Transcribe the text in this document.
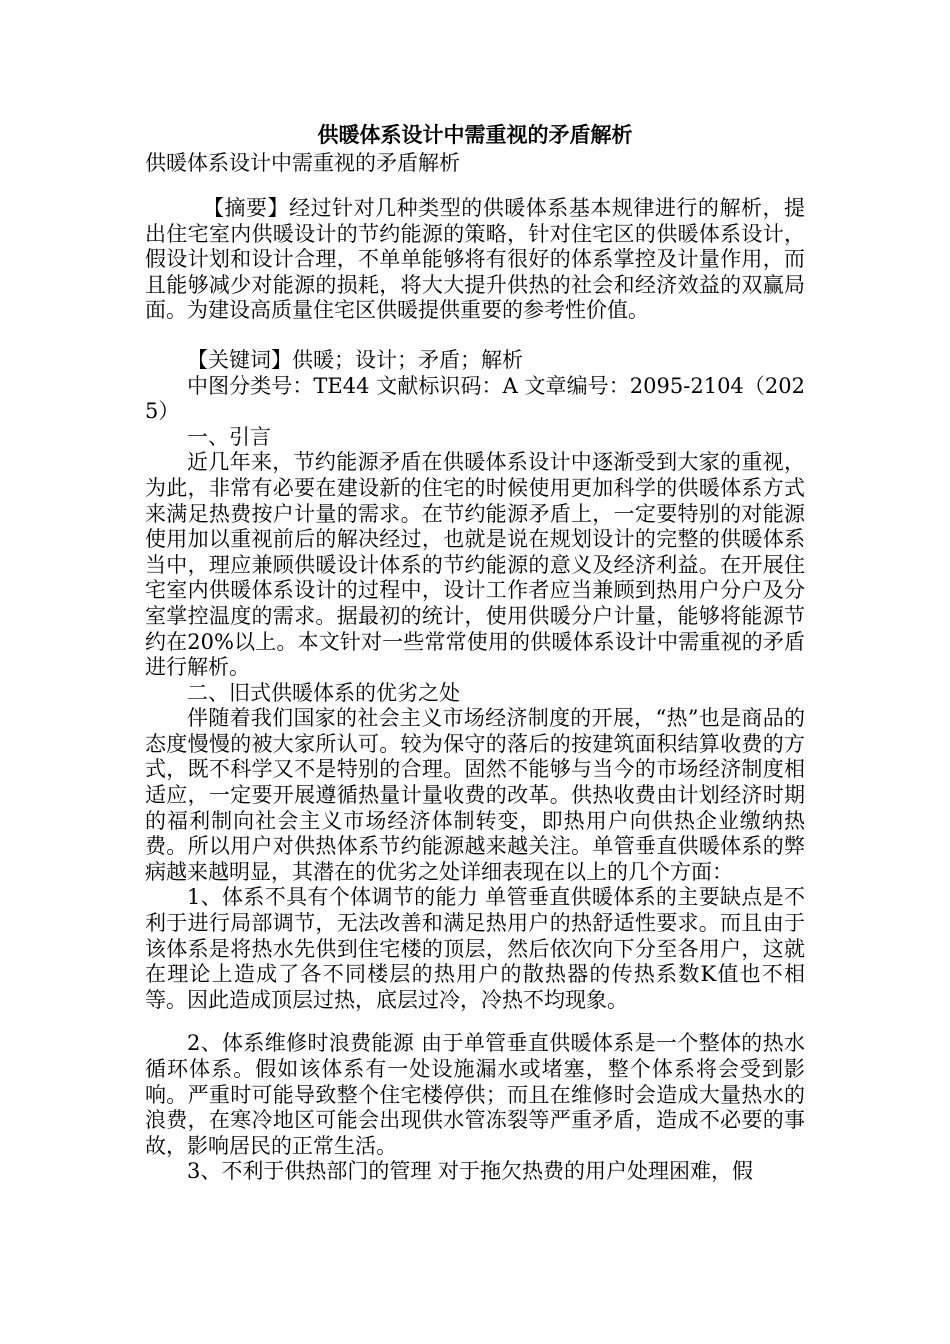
供暖体系设计中需重视的矛盾解析
供暖体系设计中需重视的矛盾解析

【摘要】经过针对几种类型的供暖体系基本规律进行的解析，提出住宅室内供暖设计的节约能源的策略，针对住宅区的供暖体系设计，假设计划和设计合理，不单单能够将有很好的体系掌控及计量作用，而且能够减少对能源的损耗，将大大提升供热的社会和经济效益的双赢局面。为建设高质量住宅区供暖提供重要的参考性价值。

【关键词】供暖；设计；矛盾；解析

中图分类号：TE44 文献标识码：A 文章编号：2095-2104（2025）

一、引言

近几年来，节约能源矛盾在供暖体系设计中逐渐受到大家的重视，为此，非常有必要在建设新的住宅的时候使用更加科学的供暖体系方式来满足热费按户计量的需求。在节约能源矛盾上，一定要特别的对能源使用加以重视前后的解决经过，也就是说在规划设计的完整的供暖体系当中，理应兼顾供暖设计体系的节约能源的意义及经济利益。在开展住宅室内供暖体系设计的过程中，设计工作者应当兼顾到热用户分户及分室掌控温度的需求。据最初的统计，使用供暖分户计量，能够将能源节约在20%以上。本文针对一些常常使用的供暖体系设计中需重视的矛盾进行解析。

二、旧式供暖体系的优劣之处

伴随着我们国家的社会主义市场经济制度的开展，“热”也是商品的态度慢慢的被大家所认可。较为保守的落后的按建筑面积结算收费的方式，既不科学又不是特别的合理。固然不能够与当今的市场经济制度相适应，一定要开展遵循热量计量收费的改革。供热收费由计划经济时期的福利制向社会主义市场经济体制转变，即热用户向供热企业缴纳热费。所以用户对供热体系节约能源越来越关注。单管垂直供暖体系的弊病越来越明显，其潜在的优劣之处详细表现在以上的几个方面：

1、体系不具有个体调节的能力 单管垂直供暖体系的主要缺点是不利于进行局部调节，无法改善和满足热用户的热舒适性要求。而且由于该体系是将热水先供到住宅楼的顶层，然后依次向下分至各用户，这就在理论上造成了各不同楼层的热用户的散热器的传热系数K值也不相等。因此造成顶层过热，底层过冷，冷热不均现象。

2、体系维修时浪费能源 由于单管垂直供暖体系是一个整体的热水循环体系。假如该体系有一处设施漏水或堵塞，整个体系将会受到影响。严重时可能导致整个住宅楼停供；而且在维修时会造成大量热水的浪费，在寒冷地区可能会出现供水管冻裂等严重矛盾，造成不必要的事故，影响居民的正常生活。

3、不利于供热部门的管理 对于拖欠热费的用户处理困难，假
